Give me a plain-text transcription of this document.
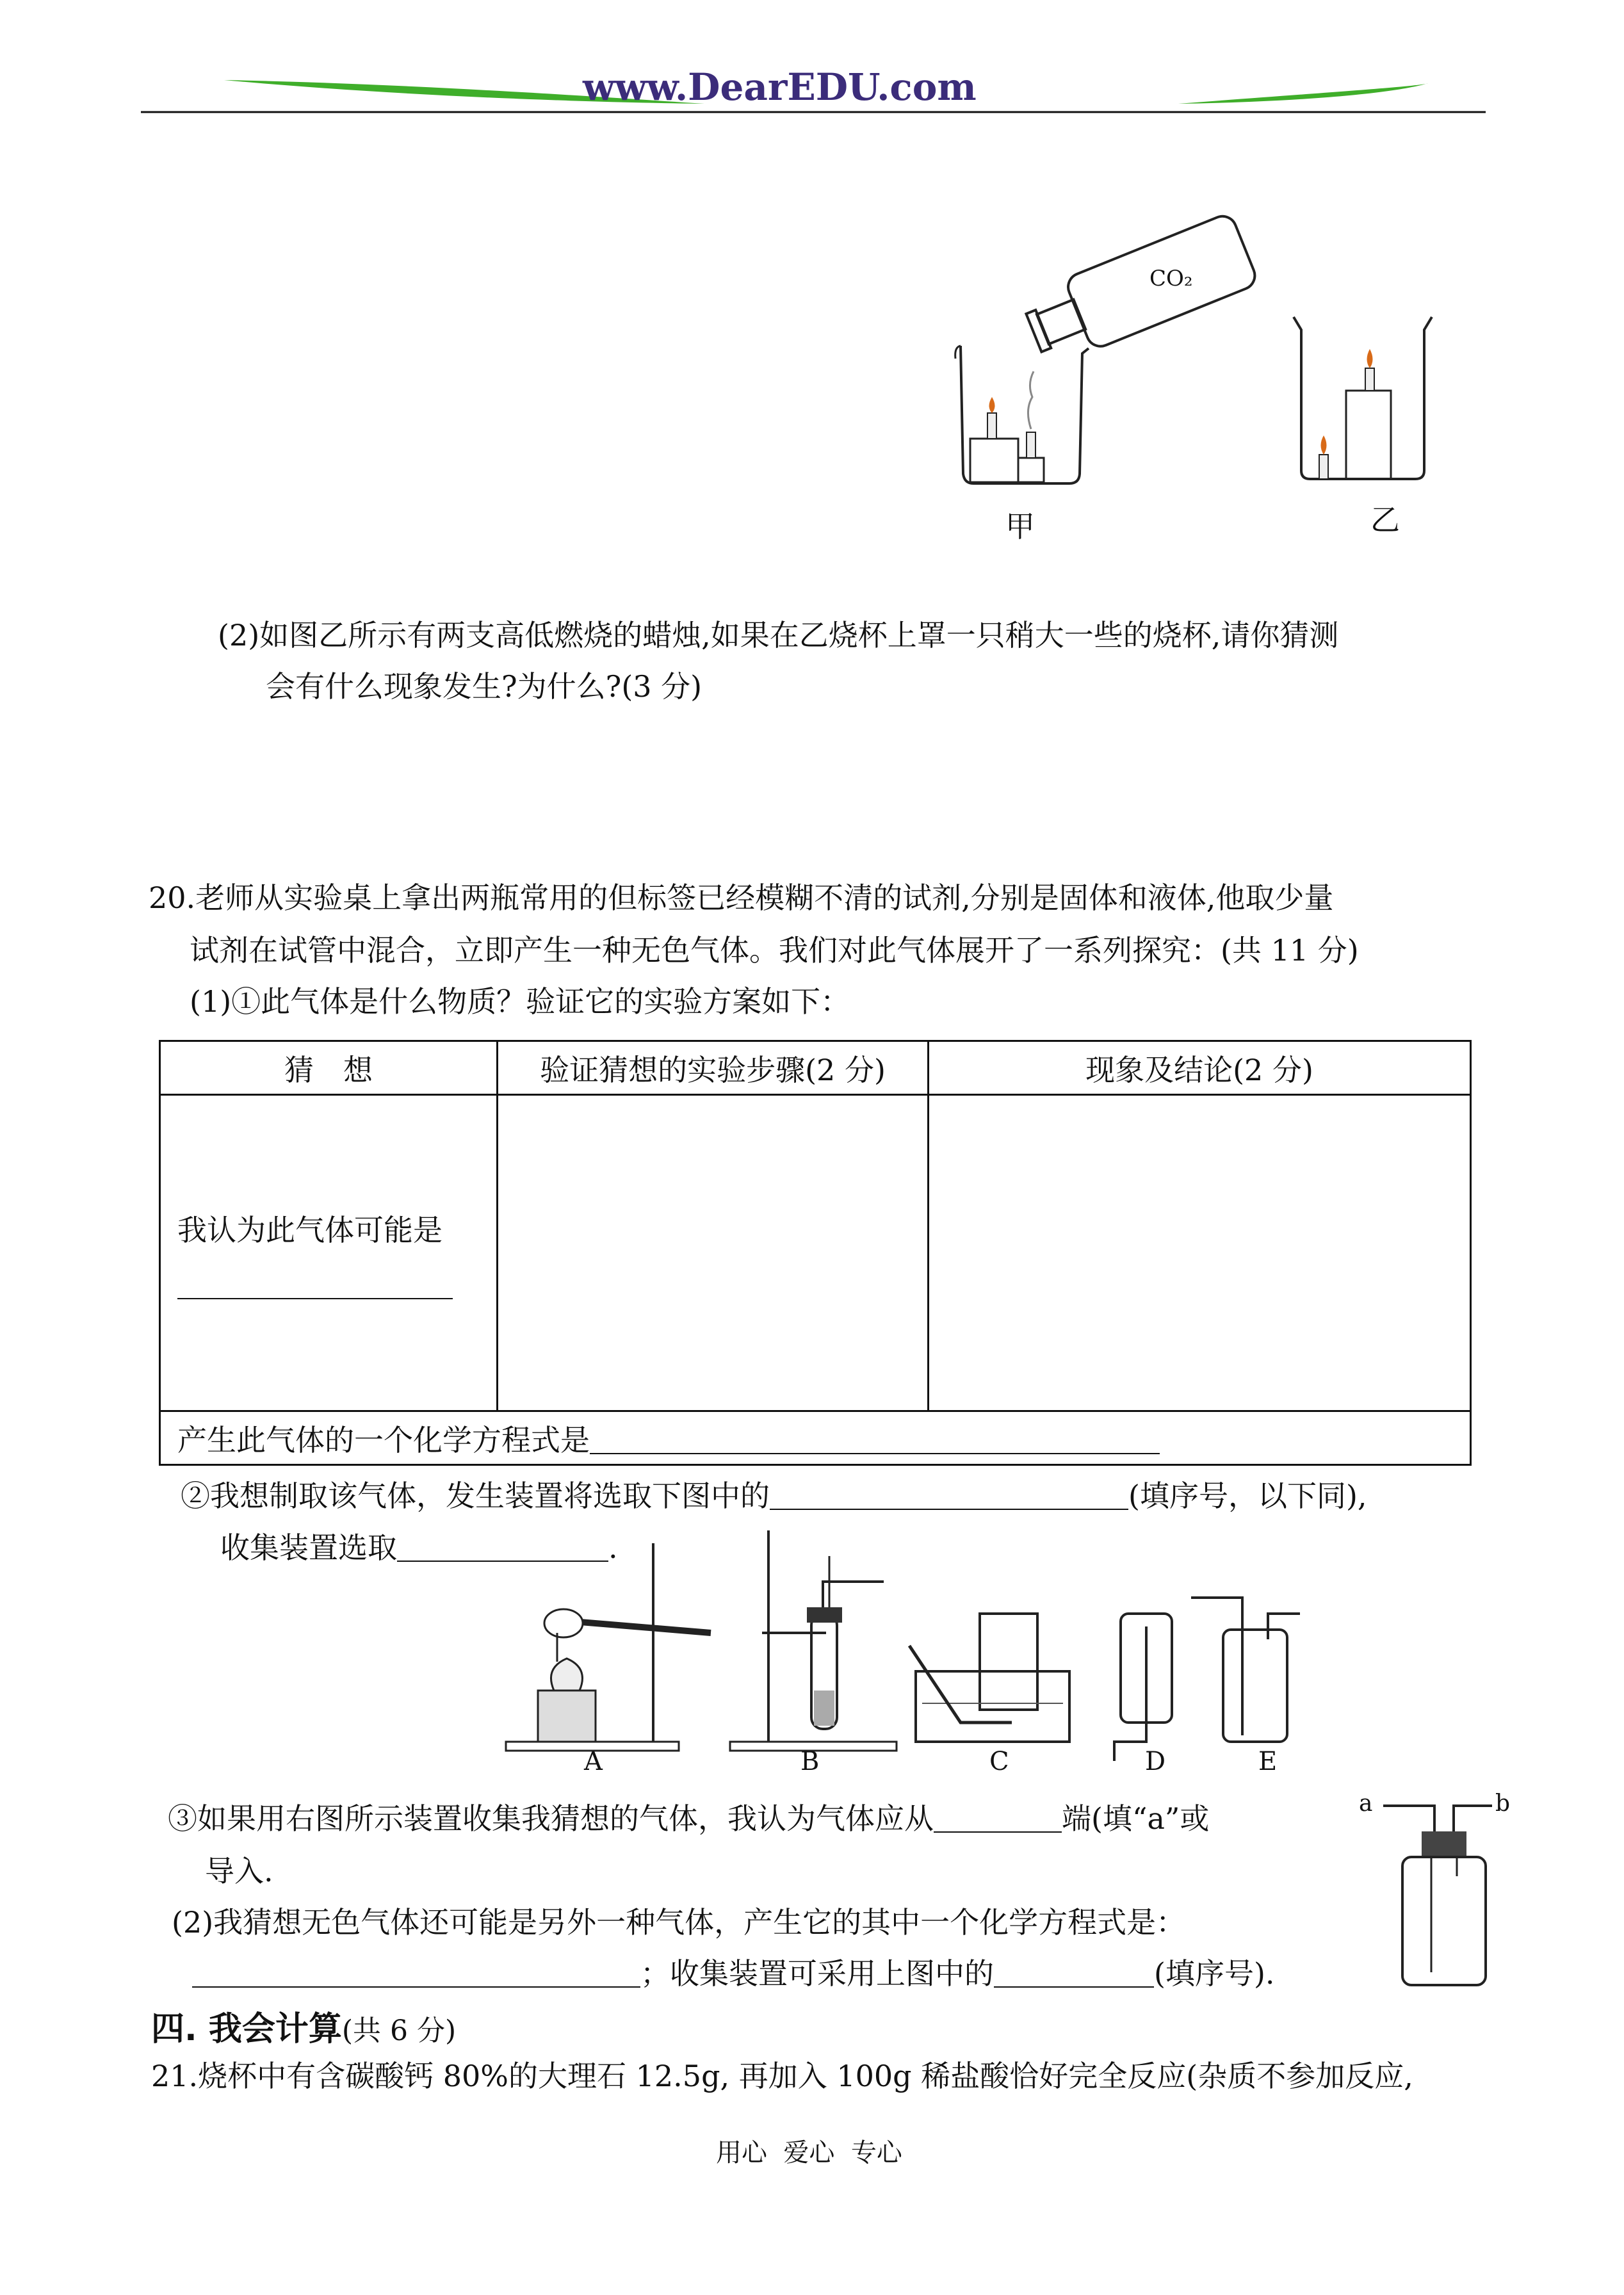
www.DearEDU.com
CO₂
甲	乙
(2)如图乙所示有两支高低燃烧的蜡烛,如果在乙烧杯上罩一只稍大一些的烧杯,请你猜测
会有什么现象发生?为什么?(3 分)
20.老师从实验桌上拿出两瓶常用的但标签已经模糊不清的试剂,分别是固体和液体,他取少量
试剂在试管中混合，立即产生一种无色气体。我们对此气体展开了一系列探究：(共 11 分)
(1)①此气体是什么物质？验证它的实验方案如下：
猜　想	验证猜想的实验步骤(2 分)	现象及结论(2 分)

我认为此气体可能是		

产生此气体的一个化学方程式是		
②我想制取该气体，发生装置将选取下图中的	(填序号，以下同),
收集装置选取	.
A	B	C	D	E
③如果用右图所示装置收集我猜想的气体，我认为气体应从	端(填“a”或
导入.
a	b
(2)我猜想无色气体还可能是另外一种气体，产生它的其中一个化学方程式是：
；收集装置可采用上图中的	(填序号).
四. 我会计算(共 6 分)
21.烧杯中有含碳酸钙 80%的大理石 12.5g, 再加入 100g 稀盐酸恰好完全反应(杂质不参加反应,
用心  爱心  专心
